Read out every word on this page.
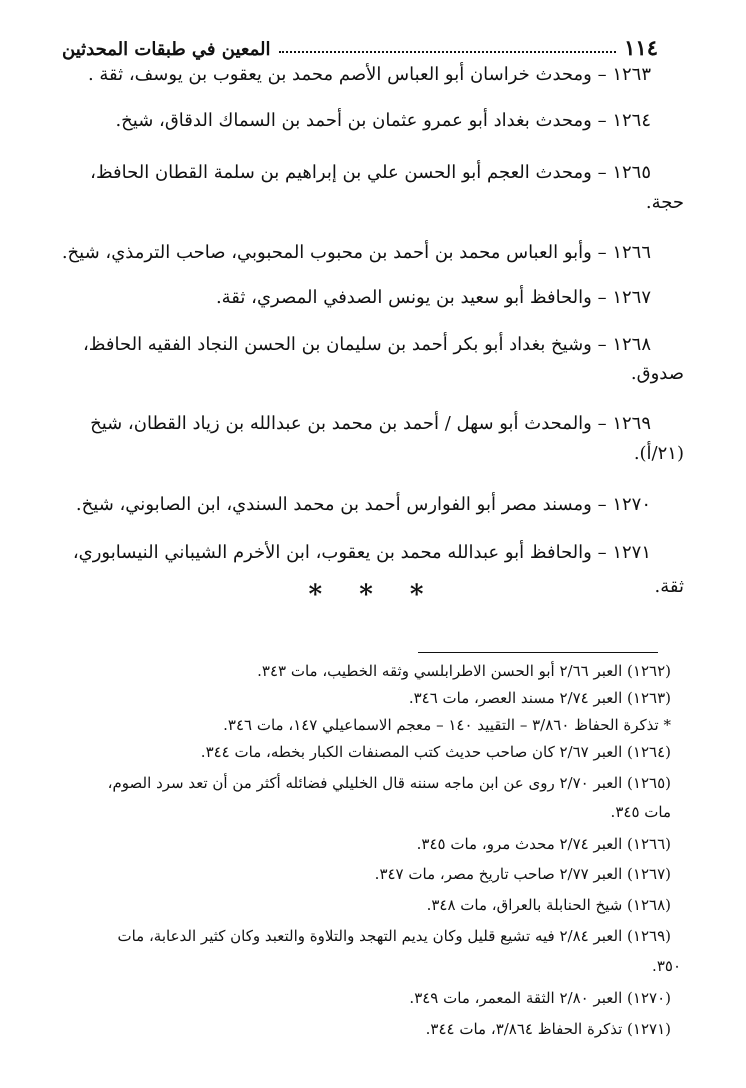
١١٤
المعين في طبقات المحدثين
١٢٦٣ – ومحدث خراسان أبو العباس الأصم محمد بن يعقوب بن يوسف، ثقة .
١٢٦٤ – ومحدث بغداد أبو عمرو عثمان بن أحمد بن السماك الدقاق، شيخ.
١٢٦٥ – ومحدث العجم أبو الحسن علي بن إبراهيم بن سلمة القطان الحافظ،
حجة.
١٢٦٦ – وأبو العباس محمد بن أحمد بن محبوب المحبوبي، صاحب الترمذي، شيخ.
١٢٦٧ – والحافظ أبو سعيد بن يونس الصدفي المصري، ثقة.
١٢٦٨ – وشيخ بغداد أبو بكر أحمد بن سليمان بن الحسن النجاد الفقيه الحافظ،
صدوق.
١٢٦٩ – والمحدث أبو سهل / أحمد بن محمد بن عبدالله بن زياد القطان، شيخ
(٢١/أ).
١٢٧٠ – ومسند مصر أبو الفوارس أحمد بن محمد السندي، ابن الصابوني، شيخ.
١٢٧١ – والحافظ أبو عبدالله محمد بن يعقوب، ابن الأخرم الشيباني النيسابوري،
ثقة.
* * *
(١٢٦٢) العبر ٢/٦٦ أبو الحسن الاطرابلسي وثقه الخطيب، مات ٣٤٣.
(١٢٦٣) العبر ٢/٧٤ مسند العصر، مات ٣٤٦.
* تذكرة الحفاظ ٣/٨٦٠ – التقييد ١٤٠ – معجم الاسماعيلي ١٤٧، مات ٣٤٦.
(١٢٦٤) العبر ٢/٦٧ كان صاحب حديث كتب المصنفات الكبار بخطه، مات ٣٤٤.
(١٢٦٥) العبر ٢/٧٠ روى عن ابن ماجه سننه قال الخليلي فضائله أكثر من أن تعد سرد الصوم،
مات ٣٤٥.
(١٢٦٦) العبر ٢/٧٤ محدث مرو، مات ٣٤٥.
(١٢٦٧) العبر ٢/٧٧ صاحب تاريخ مصر، مات ٣٤٧.
(١٢٦٨) شيخ الحنابلة بالعراق، مات ٣٤٨.
(١٢٦٩) العبر ٢/٨٤ فيه تشيع قليل وكان يديم التهجد والتلاوة والتعبد وكان كثير الدعابة، مات
٣٥٠.
(١٢٧٠) العبر ٢/٨٠ الثقة المعمر، مات ٣٤٩.
(١٢٧١) تذكرة الحفاظ ٣/٨٦٤، مات ٣٤٤.
